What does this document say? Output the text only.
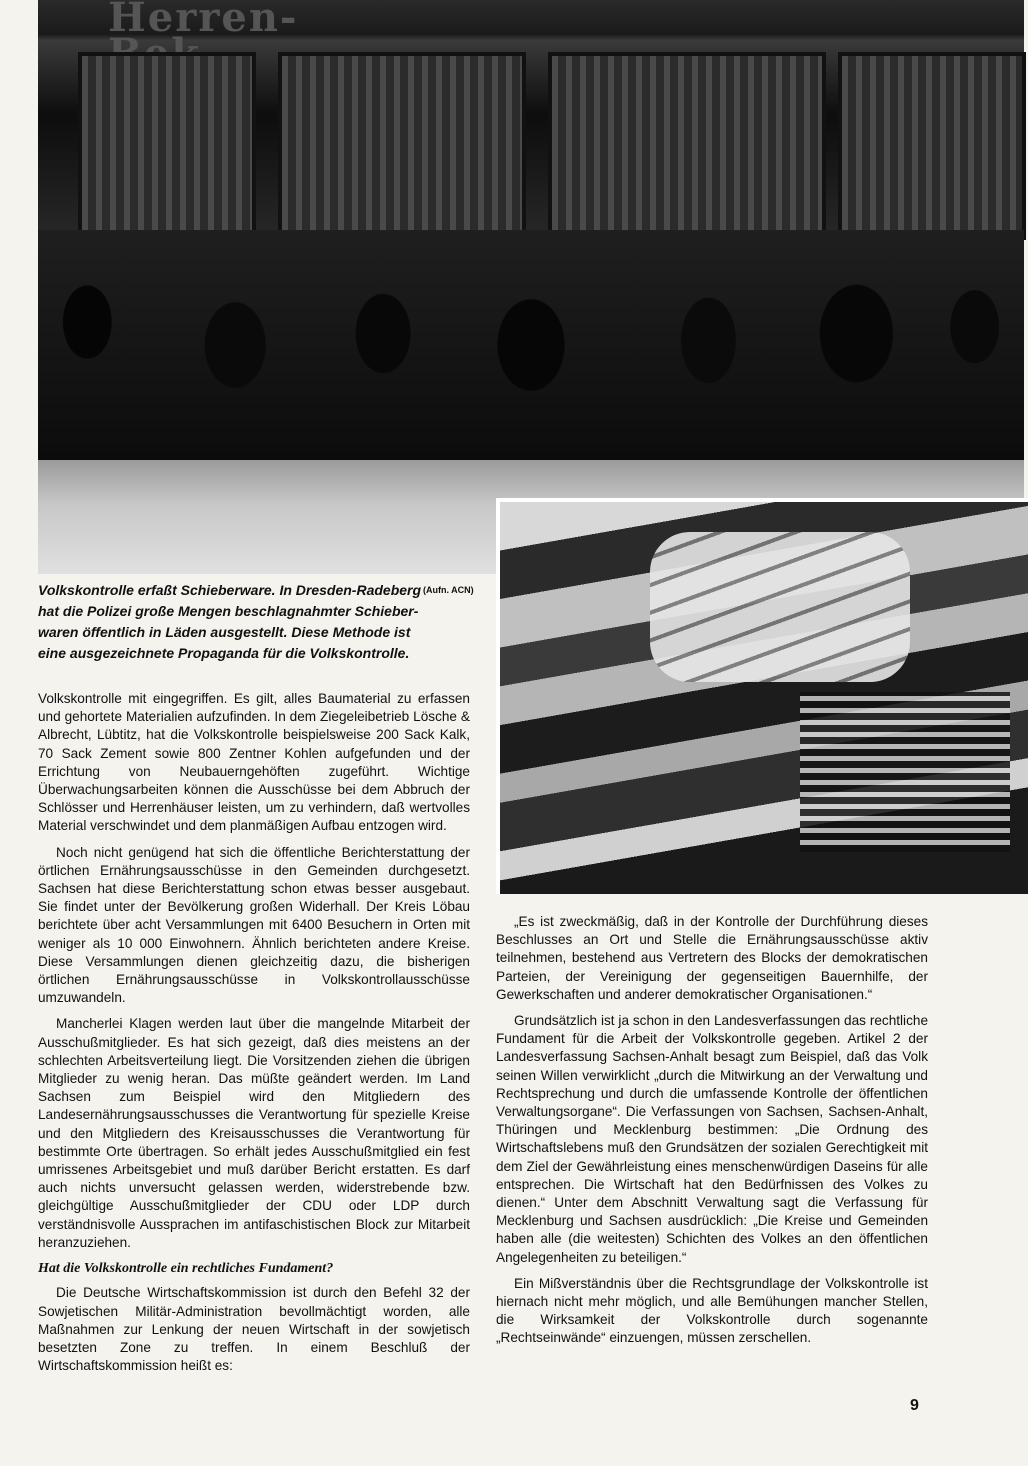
Herren-
Volkskontrolle erfaßt Schieberware. In Dresden-Radeberg
hat die Polizei große Mengen beschlagnahmter Schieber-
waren öffentlich in Läden ausgestellt. Diese Methode ist
eine ausgezeichnete Propaganda für die Volkskontrolle.
(Aufn. ACN)

Volkskontrolle mit eingegriffen. Es gilt, alles Baumaterial zu erfassen und gehortete Materialien aufzufinden. In dem Ziegeleibetrieb Lösche & Albrecht, Lübtitz, hat die Volkskontrolle beispielsweise 200 Sack Kalk, 70 Sack Zement sowie 800 Zentner Kohlen aufgefunden und der Errichtung von Neubauerngehöften zugeführt. Wichtige Überwachungsarbeiten können die Ausschüsse bei dem Abbruch der Schlösser und Herrenhäuser leisten, um zu verhindern, daß wertvolles Material verschwindet und dem planmäßigen Aufbau entzogen wird.

Noch nicht genügend hat sich die öffentliche Berichterstattung der örtlichen Ernährungsausschüsse in den Gemeinden durchgesetzt. Sachsen hat diese Berichterstattung schon etwas besser ausgebaut. Sie findet unter der Bevölkerung großen Widerhall. Der Kreis Löbau berichtete über acht Versammlungen mit 6400 Besuchern in Orten mit weniger als 10 000 Einwohnern. Ähnlich berichteten andere Kreise. Diese Versammlungen dienen gleichzeitig dazu, die bisherigen örtlichen Ernährungsausschüsse in Volkskontrollausschüsse umzuwandeln.

Mancherlei Klagen werden laut über die mangelnde Mitarbeit der Ausschußmitglieder. Es hat sich gezeigt, daß dies meistens an der schlechten Arbeitsverteilung liegt. Die Vorsitzenden ziehen die übrigen Mitglieder zu wenig heran. Das müßte geändert werden. Im Land Sachsen zum Beispiel wird den Mitgliedern des Landesernährungsausschusses die Verantwortung für spezielle Kreise und den Mitgliedern des Kreisausschusses die Verantwortung für bestimmte Orte übertragen. So erhält jedes Ausschußmitglied ein fest umrissenes Arbeitsgebiet und muß darüber Bericht erstatten. Es darf auch nichts unversucht gelassen werden, widerstrebende bzw. gleichgültige Ausschußmitglieder der CDU oder LDP durch verständnisvolle Aussprachen im antifaschistischen Block zur Mitarbeit heranzuziehen.

Hat die Volkskontrolle ein rechtliches Fundament?

Die Deutsche Wirtschaftskommission ist durch den Befehl 32 der Sowjetischen Militär-Administration bevollmächtigt worden, alle Maßnahmen zur Lenkung der neuen Wirtschaft in der sowjetisch besetzten Zone zu treffen. In einem Beschluß der Wirtschaftskommission heißt es:

„Es ist zweckmäßig, daß in der Kontrolle der Durchführung dieses Beschlusses an Ort und Stelle die Ernährungsausschüsse aktiv teilnehmen, bestehend aus Vertretern des Blocks der demokratischen Parteien, der Vereinigung der gegenseitigen Bauernhilfe, der Gewerkschaften und anderer demokratischer Organisationen.“

Grundsätzlich ist ja schon in den Landesverfassungen das rechtliche Fundament für die Arbeit der Volkskontrolle gegeben. Artikel 2 der Landesverfassung Sachsen-Anhalt besagt zum Beispiel, daß das Volk seinen Willen verwirklicht „durch die Mitwirkung an der Verwaltung und Rechtsprechung und durch die umfassende Kontrolle der öffentlichen Verwaltungsorgane“. Die Verfassungen von Sachsen, Sachsen-Anhalt, Thüringen und Mecklenburg bestimmen: „Die Ordnung des Wirtschaftslebens muß den Grundsätzen der sozialen Gerechtigkeit mit dem Ziel der Gewährleistung eines menschenwürdigen Daseins für alle entsprechen. Die Wirtschaft hat den Bedürfnissen des Volkes zu dienen.“ Unter dem Abschnitt Verwaltung sagt die Verfassung für Mecklenburg und Sachsen ausdrücklich: „Die Kreise und Gemeinden haben alle (die weitesten) Schichten des Volkes an den öffentlichen Angelegenheiten zu beteiligen.“

Ein Mißverständnis über die Rechtsgrundlage der Volkskontrolle ist hiernach nicht mehr möglich, und alle Bemühungen mancher Stellen, die Wirksamkeit der Volkskontrolle durch sogenannte „Rechtseinwände“ einzuengen, müssen zerschellen.

9
